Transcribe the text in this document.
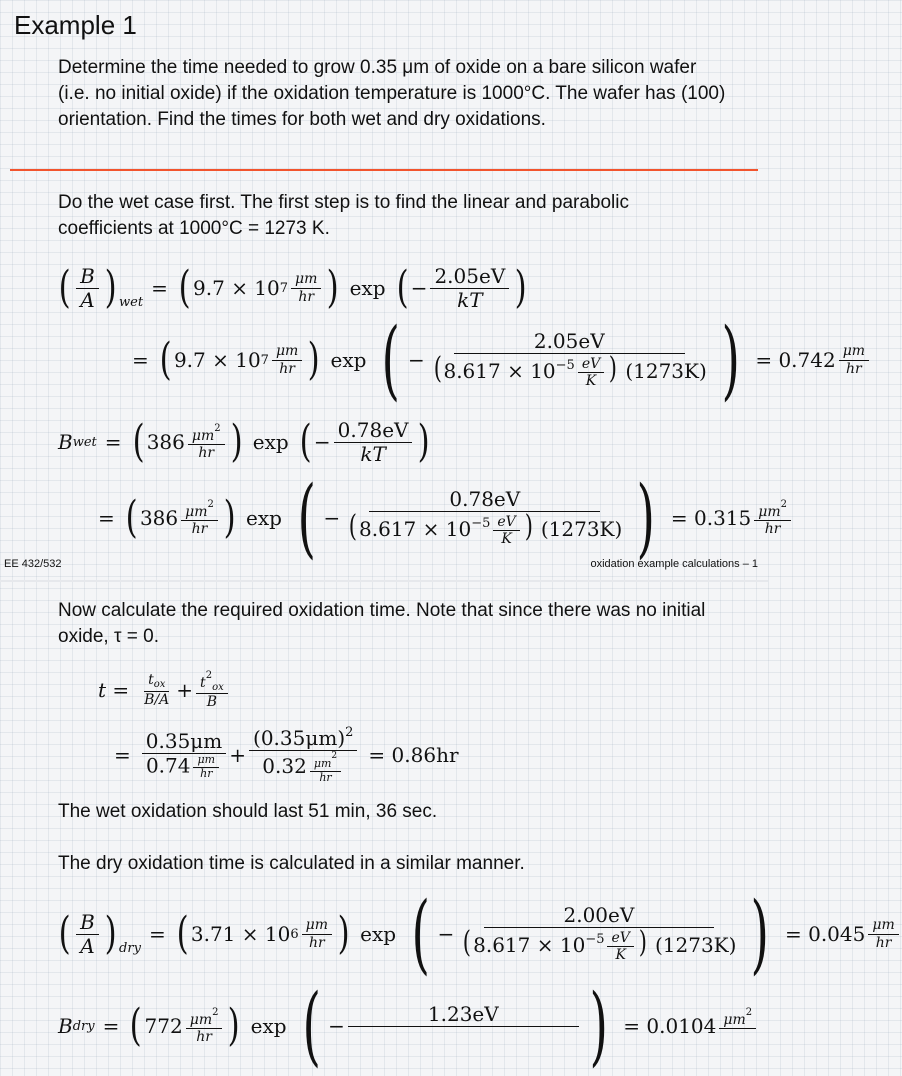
Example 1
Determine the time needed to grow 0.35 μm of oxide on a bare silicon wafer (i.e. no initial oxide) if the oxidation temperature is 1000°C. The wafer has (100) orientation. Find the times for both wet and dry oxidations.
Do the wet case first. The first step is to find the linear and parabolic coefficients at 1000°C = 1273 K.
( $\frac{B}{A}$ ) wet
= ( 9.7 × 10 $7 \frac{\mu m}{hr}$ ) exp ( − $\frac{2.05eV}{kT}$ )
= ( 9.7 × 10 $7 \frac{\mu m}{hr}$ ) exp ( − $\frac{2.05eV}{(8.617 \times 10^{-5} \frac{eV}{K} ) (1273K)}$ ) = $0.742 \frac{\mu m}{hr}$
B wet = ( $386 \frac{\mu m^2}{hr}$ ) exp ( − $\frac{0.78eV}{kT}$ )
= ( $386 \frac{\mu m^2}{hr}$ ) exp ( − $\frac{0.78eV}{(8.617 \times 10^{-5} \frac{eV}{K} ) (1273K)}$ ) = $0.315 \frac{\mu m^2}{hr}$
EE 432/532	oxidation example calculations – 1
Now calculate the required oxidation time. Note that since there was no initial oxide, τ = 0.
$t = \frac{t_{ox}}{B/A} + \frac{t^2_{ox}}{B}$
= $\frac{0.35\mu m}{0.74 \frac{\mu m}{hr}} + \frac{(0.35\mu m)^2}{0.32 \frac{\mu m^2}{hr}} = 0.86hr$
The wet oxidation should last 51 min, 36 sec.
The dry oxidation time is calculated in a similar manner.
( $\frac{B}{A}$ ) dry
= ( 3.71 × 10 $6 \frac{\mu m}{hr}$ ) exp ( − $\frac{2.00eV}{(8.617 \times 10^{-5} \frac{eV}{K} ) (1273K)}$ ) = $0.045 \frac{\mu m}{hr}$
B dry = ( $772 \frac{\mu m^2}{hr}$ ) exp ( −
1.23eV
	) = 0.0104 $\mu m^2$
